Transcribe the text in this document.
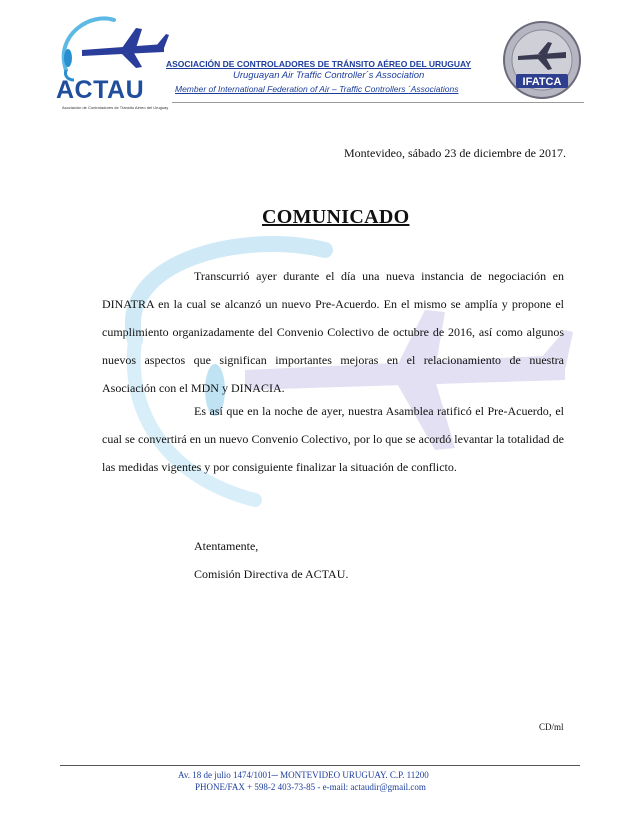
ACTAU
Asociación de Controladores de Tránsito Aéreo del Uruguay
ASOCIACIÓN DE CONTROLADORES DE TRÁNSITO AÉREO DEL URUGUAY
Uruguayan Air Traffic Controller´s Association
Member of International Federation of Air – Traffic Controllers ´Associations
IFATCA
Montevideo, sábado 23 de diciembre de 2017.
COMUNICADO
Transcurrió ayer durante el día una nueva instancia de negociación en DINATRA en la cual se alcanzó un nuevo Pre-Acuerdo. En el mismo se amplía y propone el cumplimiento organizadamente del Convenio Colectivo de octubre de 2016, así como algunos nuevos aspectos que significan importantes mejoras en el relacionamiento de nuestra Asociación con el MDN y DINACIA.
Es así que en la noche de ayer, nuestra Asamblea ratificó el Pre-Acuerdo, el cual se convertirá en un nuevo Convenio Colectivo, por lo que se acordó levantar la totalidad de las medidas vigentes y por consiguiente finalizar la situación de conflicto.
Atentamente,
Comisión Directiva de ACTAU.
CD/ml
Av. 18 de julio 1474/1001─ MONTEVIDEO URUGUAY. C.P. 11200
PHONE/FAX + 598-2 403-73-85 - e-mail: actaudir@gmail.com
